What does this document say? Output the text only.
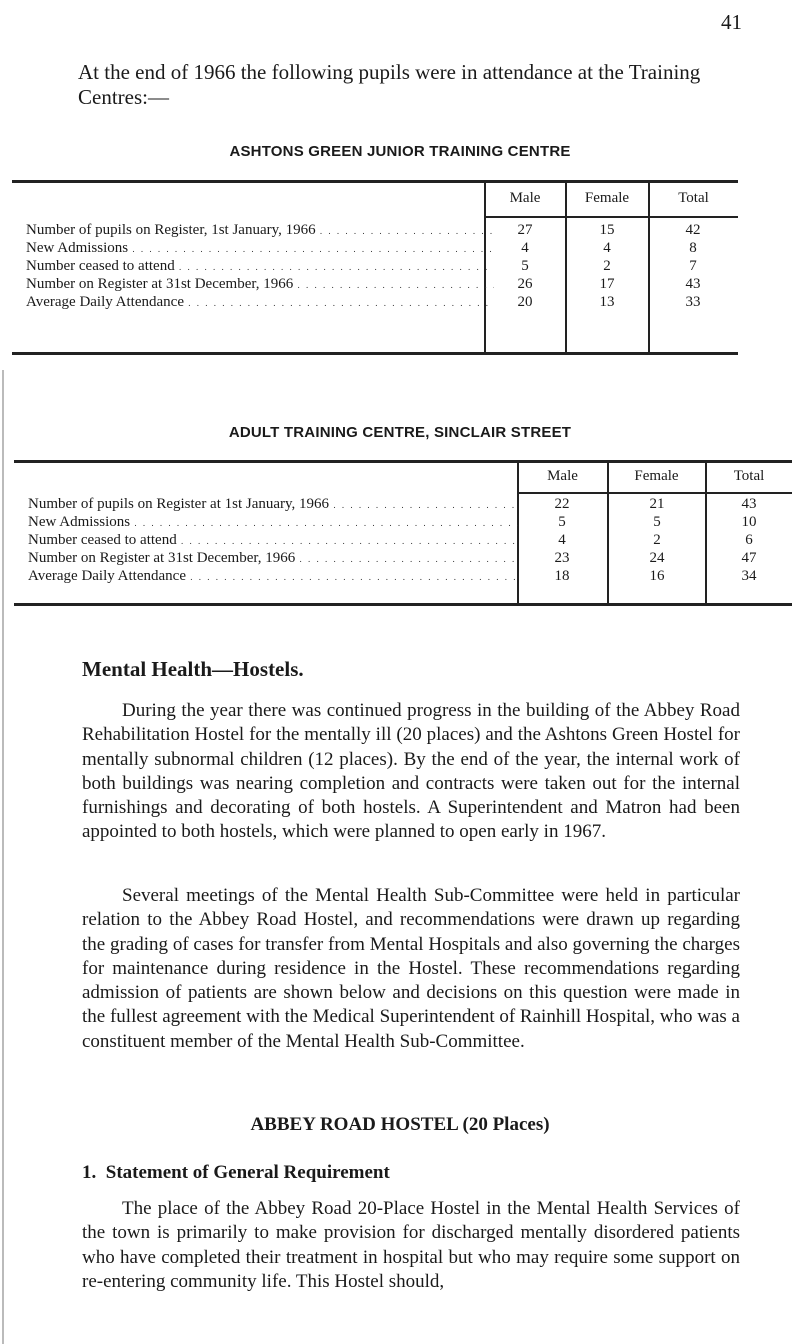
41
At the end of 1966 the following pupils were in attendance at the Training Centres:—
ASHTONS GREEN JUNIOR TRAINING CENTRE
Male	Female	Total
Number of pupils on Register, 1st January, 1966 . . .	27	15	42
New Admissions . . .	4	4	8
Number ceased to attend . . .	5	2	7
Number on Register at 31st December, 1966 . . .	26	17	43
Average Daily Attendance . . .	20	13	33
ADULT TRAINING CENTRE, SINCLAIR STREET
Male	Female	Total
Number of pupils on Register at 1st January, 1966 . . .	22	21	43
New Admissions . . .	5	5	10
Number ceased to attend . . .	4	2	6
Number on Register at 31st December, 1966 . . .	23	24	47
Average Daily Attendance . . .	18	16	34
Mental Health—Hostels.
During the year there was continued progress in the building of the Abbey Road Rehabilitation Hostel for the mentally ill (20 places) and the Ashtons Green Hostel for mentally subnormal children (12 places). By the end of the year, the internal work of both buildings was nearing completion and contracts were taken out for the internal furnishings and decorating of both hostels. A Superintendent and Matron had been appointed to both hostels, which were planned to open early in 1967.
Several meetings of the Mental Health Sub-Committee were held in particular relation to the Abbey Road Hostel, and recommendations were drawn up regarding the grading of cases for transfer from Mental Hospitals and also governing the charges for maintenance during residence in the Hostel. These recommendations regarding admission of patients are shown below and decisions on this question were made in the fullest agreement with the Medical Superintendent of Rainhill Hospital, who was a constituent member of the Mental Health Sub-Committee.
ABBEY ROAD HOSTEL (20 Places)
1.  Statement of General Requirement
The place of the Abbey Road 20-Place Hostel in the Mental Health Services of the town is primarily to make provision for discharged mentally disordered patients who have completed their treatment in hospital but who may require some support on re-entering community life. This Hostel should,
